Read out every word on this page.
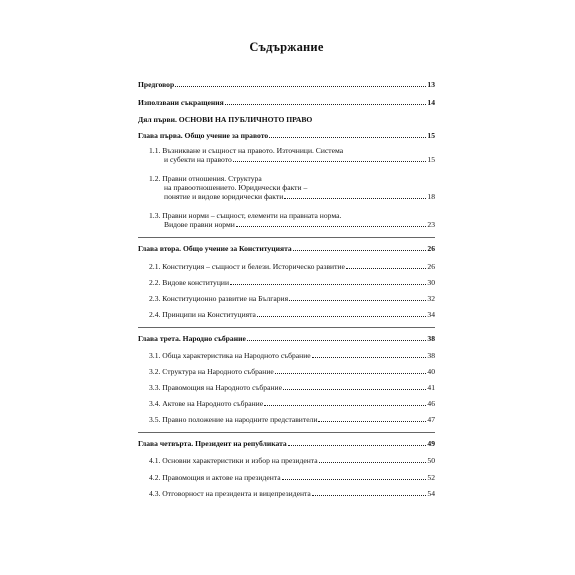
Съдържание
Предговор	13
Използвани съкращения	14
Дял първи. ОСНОВИ НА ПУБЛИЧНОТО ПРАВО
Глава първа. Общо учение за правото	15
1.1. Възникване и същност на правото. Източници. Система
и субекти на правото	15
1.2. Правни отношения. Структура
на правоотношението. Юридически факти –
понятие и видове юридически факти	18
1.3. Правни норми – същност, елементи на правната норма.
Видове правни норми	23
Глава втора. Общо учение за Конституцията	26
2.1. Конституция – същност и белези. Историческо развитие	26
2.2. Видове конституции	30
2.3. Конституционно развитие на България	32
2.4. Принципи на Конституцията	34
Глава трета. Народно събрание	38
3.1. Обща характеристика на Народното събрание	38
3.2. Структура на Народното събрание	40
3.3. Правомощия на Народното събрание	41
3.4. Актове на Народното събрание	46
3.5. Правно положение на народните представители	47
Глава четвърта. Президент на републиката	49
4.1. Основни характеристики и избор на президента	50
4.2. Правомощия и актове на президента	52
4.3. Отговорност на президента и вицепрезидента	54
